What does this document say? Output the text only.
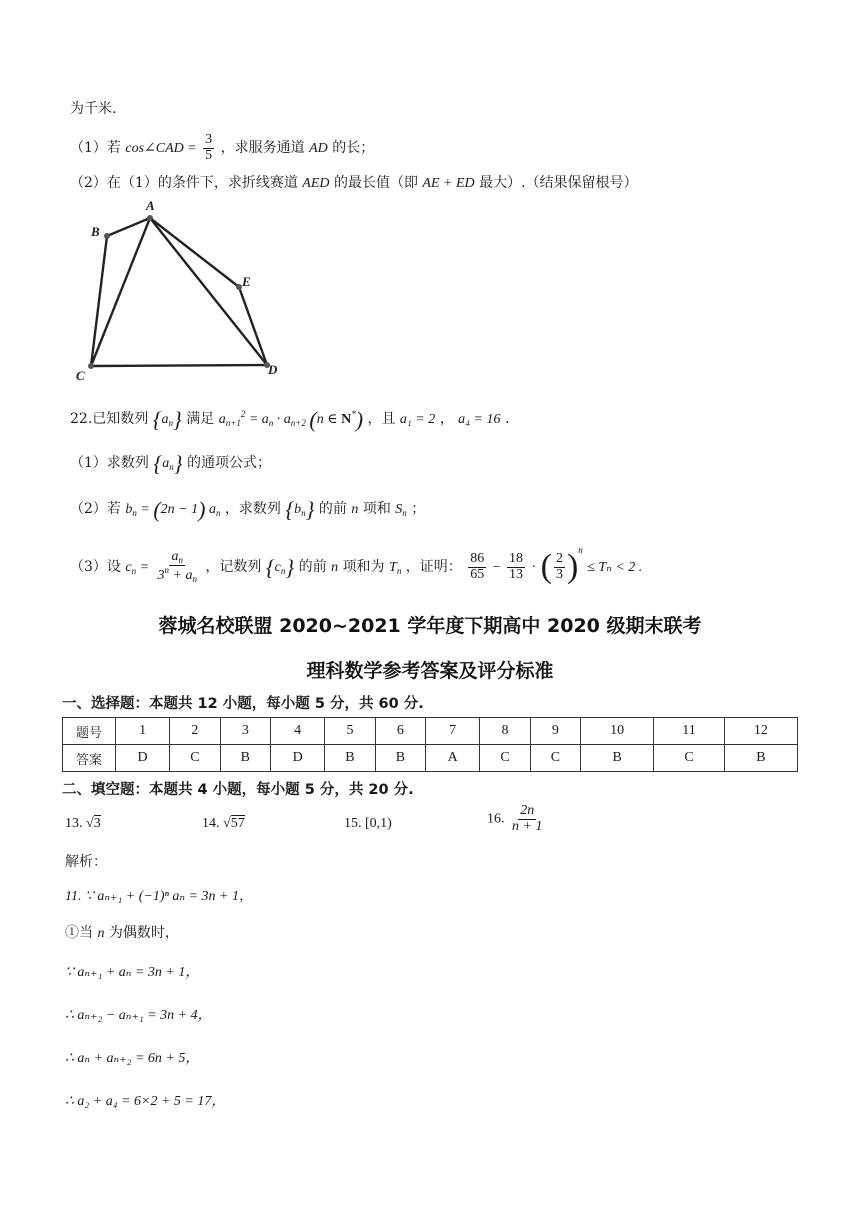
为千米.
（1）若 cos∠CAD = $\frac{3}{5}$ ，求服务通道 AD 的长；
（2）在（1）的条件下，求折线赛道 AED 的最长值（即 AE + ED 最大）.（结果保留根号）
A
B
C	D
E
22.已知数列 $\{a_n\}$ 满足 $a_{n+1}^2 = a_n \cdot a_{n+2}$ (n ∈ N*) ，且 a₁ = 2 ， a₄ = 16 .
（1）求数列 $\{a_n\}$ 的通项公式；
（2）若 $b_n = (2n - 1)$ $a_n$ ，求数列 $\{b_n\}$ 的前 n 项和 $S_n$ ；
（3）设 $c_n = \frac{a_n}{3^n + a_n}$ ，记数列 $\{c_n\}$ 的前 n 项和为 $T_n$ ，证明： $\frac{86}{65} - \frac{18}{13}$ · ( $\frac{2}{3} )^n \le T_n < 2$ .
蓉城名校联盟 2020~2021 学年度下期高中 2020 级期末联考
理科数学参考答案及评分标准
一、选择题：本题共 12 小题，每小题 5 分，共 60 分.
题号	1	2	3	4	5	6	7	8	9	10	11	12
答案	D	C	B	D	B	B	A	C	C	B	C	B
二、填空题：本题共 4 小题，每小题 5 分，共 20 分.
13. √3	14. √57	15. [0,1)	16. $\frac{2n}{n + 1}$
解析：
11. ∵ aₙ₊₁ + (−1)ⁿ aₙ = 3n + 1，
①当 n 为偶数时，
∵ aₙ₊₁ + aₙ = 3n + 1，
∴ aₙ₊₂ − aₙ₊₁ = 3n + 4，
∴ aₙ + aₙ₊₂ = 6n + 5，
∴ a₂ + a₄ = 6×2 + 5 = 17，
